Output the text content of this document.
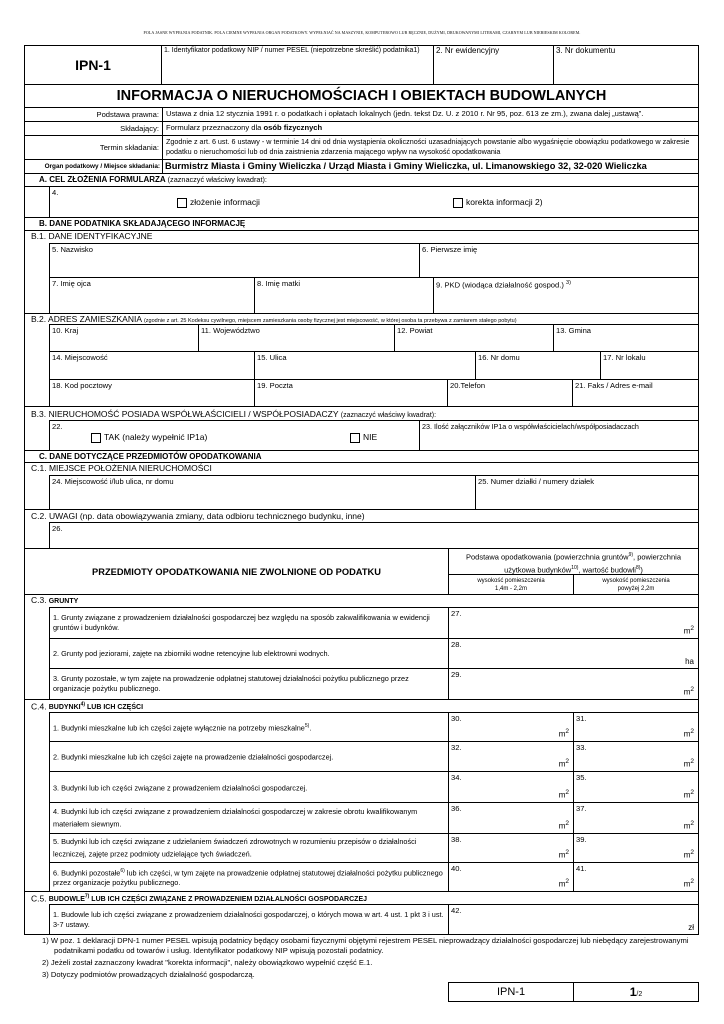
POLA JASNE WYPEŁNIA PODATNIK. POLA CIEMNE WYPEŁNIA ORGAN PODATKOWY. WYPEŁNIAĆ NA MASZYNIE, KOMPUTEROWO LUB RĘCZNIE, DUŻYMI, DRUKOWANYMI LITERAMI, CZARNYM LUB NIEBIESKIM KOLOREM.
IPN-1
1. Identyfikator podatkowy NIP / numer PESEL (niepotrzebne skreślić) podatnika1)	2. Nr ewidencyjny	3. Nr dokumentu
INFORMACJA O NIERUCHOMOŚCIACH I OBIEKTACH BUDOWLANYCH
Podstawa prawna: Ustawa z dnia 12 stycznia 1991 r. o podatkach i opłatach lokalnych (jedn. tekst Dz. U. z 2010 r. Nr 95, poz. 613 ze zm.), zwana dalej „ustawą”.
Składający: Formularz przeznaczony dla osób fizycznych
Termin składania:
Zgodnie z art. 6 ust. 6 ustawy - w terminie 14 dni od dnia wystąpienia okoliczności uzasadniających powstanie albo wygaśnięcie obowiązku podatkowego w zakresie podatku o nieruchomości lub od dnia zaistnienia zdarzenia mającego wpływ na wysokość opodatkowania
Organ podatkowy / Miejsce składania: Burmistrz Miasta i Gminy Wieliczka / Urząd Miasta i Gminy Wieliczka, ul. Limanowskiego 32, 32-020 Wieliczka
A. CEL ZŁOŻENIA FORMULARZA (zaznaczyć właściwy kwadrat):
4.
złożenie informacji	korekta informacji 2)
B. DANE PODATNIKA SKŁADAJĄCEGO INFORMACJĘ
B.1. DANE IDENTYFIKACYJNE
5. Nazwisko	6. Pierwsze imię
7. Imię ojca	8. Imię matki	9. PKD (wiodąca działalność gospod.) $^{3)}$
B.2. ADRES ZAMIESZKANIA (zgodnie z art. 25 Kodeksu cywilnego, miejscem zamieszkania osoby fizycznej jest miejscowość, w której osoba ta przebywa z zamiarem stałego pobytu)
10. Kraj	11. Województwo	12. Powiat	13. Gmina
14. Miejscowość	15. Ulica	16. Nr domu	17. Nr lokalu
18. Kod pocztowy	19. Poczta	20.Telefon	21. Faks / Adres e-mail
B.3. NIERUCHOMOŚĆ POSIADA WSPÓŁWŁAŚCICIELI / WSPÓŁPOSIADACZY (zaznaczyć właściwy kwadrat):
22.
TAK (należy wypełnić IP1a)	NIE
23. Ilość załączników IP1a o współwłaścicielach/współposiadaczach
C. DANE DOTYCZĄCE PRZEDMIOTÓW OPODATKOWANIA
C.1. MIEJSCE POŁOŻENIA NIERUCHOMOŚCI
24. Miejscowość i/lub ulica, nr domu	25. Numer działki / numery działek
C.2. UWAGI (np. data obowiązywania zmiany, data odbioru technicznego budynku, inne)
26.
PRZEDMIOTY OPODATKOWANIA NIE ZWOLNIONE OD PODATKU
Podstawa opodatkowania (powierzchnia gruntów$^{9)}$, powierzchnia użytkowa budynków$^{10)}$, wartość budowli$^{8)}$)
wysokość pomieszczenia
1,4m - 2,2m
wysokość pomieszczenia
powyżej 2,2m
C.3. GRUNTY
1. Grunty związane z prowadzeniem działalności gospodarczej bez względu na sposób zakwalifikowania w ewidencji gruntów i budynków.
27.
$m^2$
2. Grunty pod jeziorami, zajęte na zbiorniki wodne retencyjne lub elektrowni wodnych.
28.
ha
3. Grunty pozostałe, w tym zajęte na prowadzenie odpłatnej statutowej działalności pożytku publicznego przez organizacje pożytku publicznego.
29.
$m^2$
C.4. BUDYNKI$^{4)}$ LUB ICH CZĘŚCI
1. Budynki mieszkalne lub ich części zajęte wyłącznie na potrzeby mieszkalne$^{5)}$.
30.
$m^2$
31.
$m^2$
2. Budynki mieszkalne lub ich części zajęte na prowadzenie działalności gospodarczej.
32.
$m^2$
33.
$m^2$
3. Budynki lub ich części związane z prowadzeniem działalności gospodarczej.
34.
$m^2$
35.
$m^2$
4. Budynki lub ich części związane z prowadzeniem działalności gospodarczej w zakresie obrotu kwalifikowanym materiałem siewnym.
36.
$m^2$
37.
$m^2$
5. Budynki lub ich części związane z udzielaniem świadczeń zdrowotnych w rozumieniu przepisów o działalności leczniczej, zajęte przez podmioty udzielające tych świadczeń.
38.
$m^2$
39.
$m^2$
6. Budynki pozostałe$^{6)}$ lub ich części, w tym zajęte na prowadzenie odpłatnej statutowej działalności pożytku publicznego przez organizacje pożytku publicznego.
40.
$m^2$
41.
$m^2$
C.5. BUDOWLE$^{7)}$ LUB ICH CZĘŚCI ZWIĄZANE Z PROWADZENIEM DZIAŁALNOŚCI GOSPODARCZEJ
1. Budowle lub ich części związane z prowadzeniem działalności gospodarczej, o których mowa w art. 4 ust. 1 pkt 3 i ust. 3-7 ustawy.
42.
zł
1) W poz. 1 deklaracji DPN-1 numer PESEL wpisują podatnicy będący osobami fizycznymi objętymi rejestrem PESEL nieprowadzący działalności gospodarczej lub niebędący zarejestrowanymi podatnikami podatku od towarów i usług. Identyfikator podatkowy NIP wpisują pozostali podatnicy.
2) Jeżeli został zaznaczony kwadrat "korekta informacji", należy obowiązkowo wypełnić część E.1.
3) Dotyczy podmiotów prowadzących działalność gospodarczą.
IPN-1	1 /2
